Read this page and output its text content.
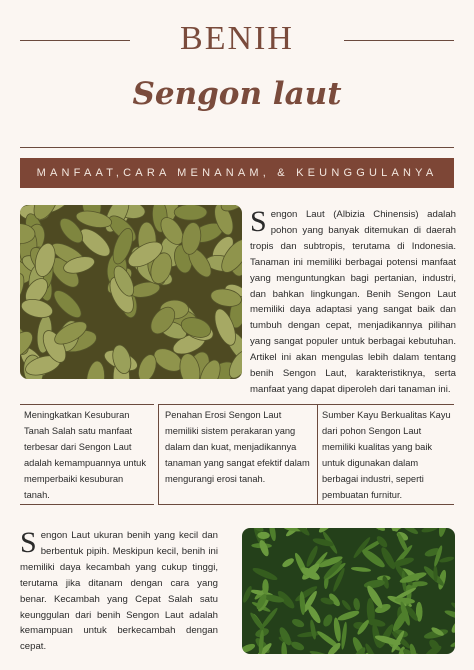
BENIH
Sengon laut
MANFAAT,CARA MENANAM, & KEUNGGULANYA
Sengon Laut (Albizia Chinensis) adalah pohon yang banyak ditemukan di daerah tropis dan subtropis, terutama di Indonesia. Tanaman ini memiliki berbagai potensi manfaat yang menguntungkan bagi pertanian, industri, dan bahkan lingkungan. Benih Sengon Laut memiliki daya adaptasi yang sangat baik dan tumbuh dengan cepat, menjadikannya pilihan yang sangat populer untuk berbagai kebutuhan. Artikel ini akan mengulas lebih dalam tentang benih Sengon Laut, karakteristiknya, serta manfaat yang dapat diperoleh dari tanaman ini.
Meningkatkan Kesuburan Tanah Salah satu manfaat terbesar dari Sengon Laut adalah kemampuannya untuk memperbaiki kesuburan tanah.
Penahan Erosi Sengon Laut memiliki sistem perakaran yang dalam dan kuat, menjadikannya tanaman yang sangat efektif dalam mengurangi erosi tanah.
Sumber Kayu Berkualitas Kayu dari pohon Sengon Laut memiliki kualitas yang baik untuk digunakan dalam berbagai industri, seperti pembuatan furnitur.
Sengon Laut ukuran benih yang kecil dan berbentuk pipih. Meskipun kecil, benih ini memiliki daya kecambah yang cukup tinggi, terutama jika ditanam dengan cara yang benar. Kecambah yang Cepat Salah satu keunggulan dari benih Sengon Laut adalah kemampuan untuk berkecambah dengan cepat.
